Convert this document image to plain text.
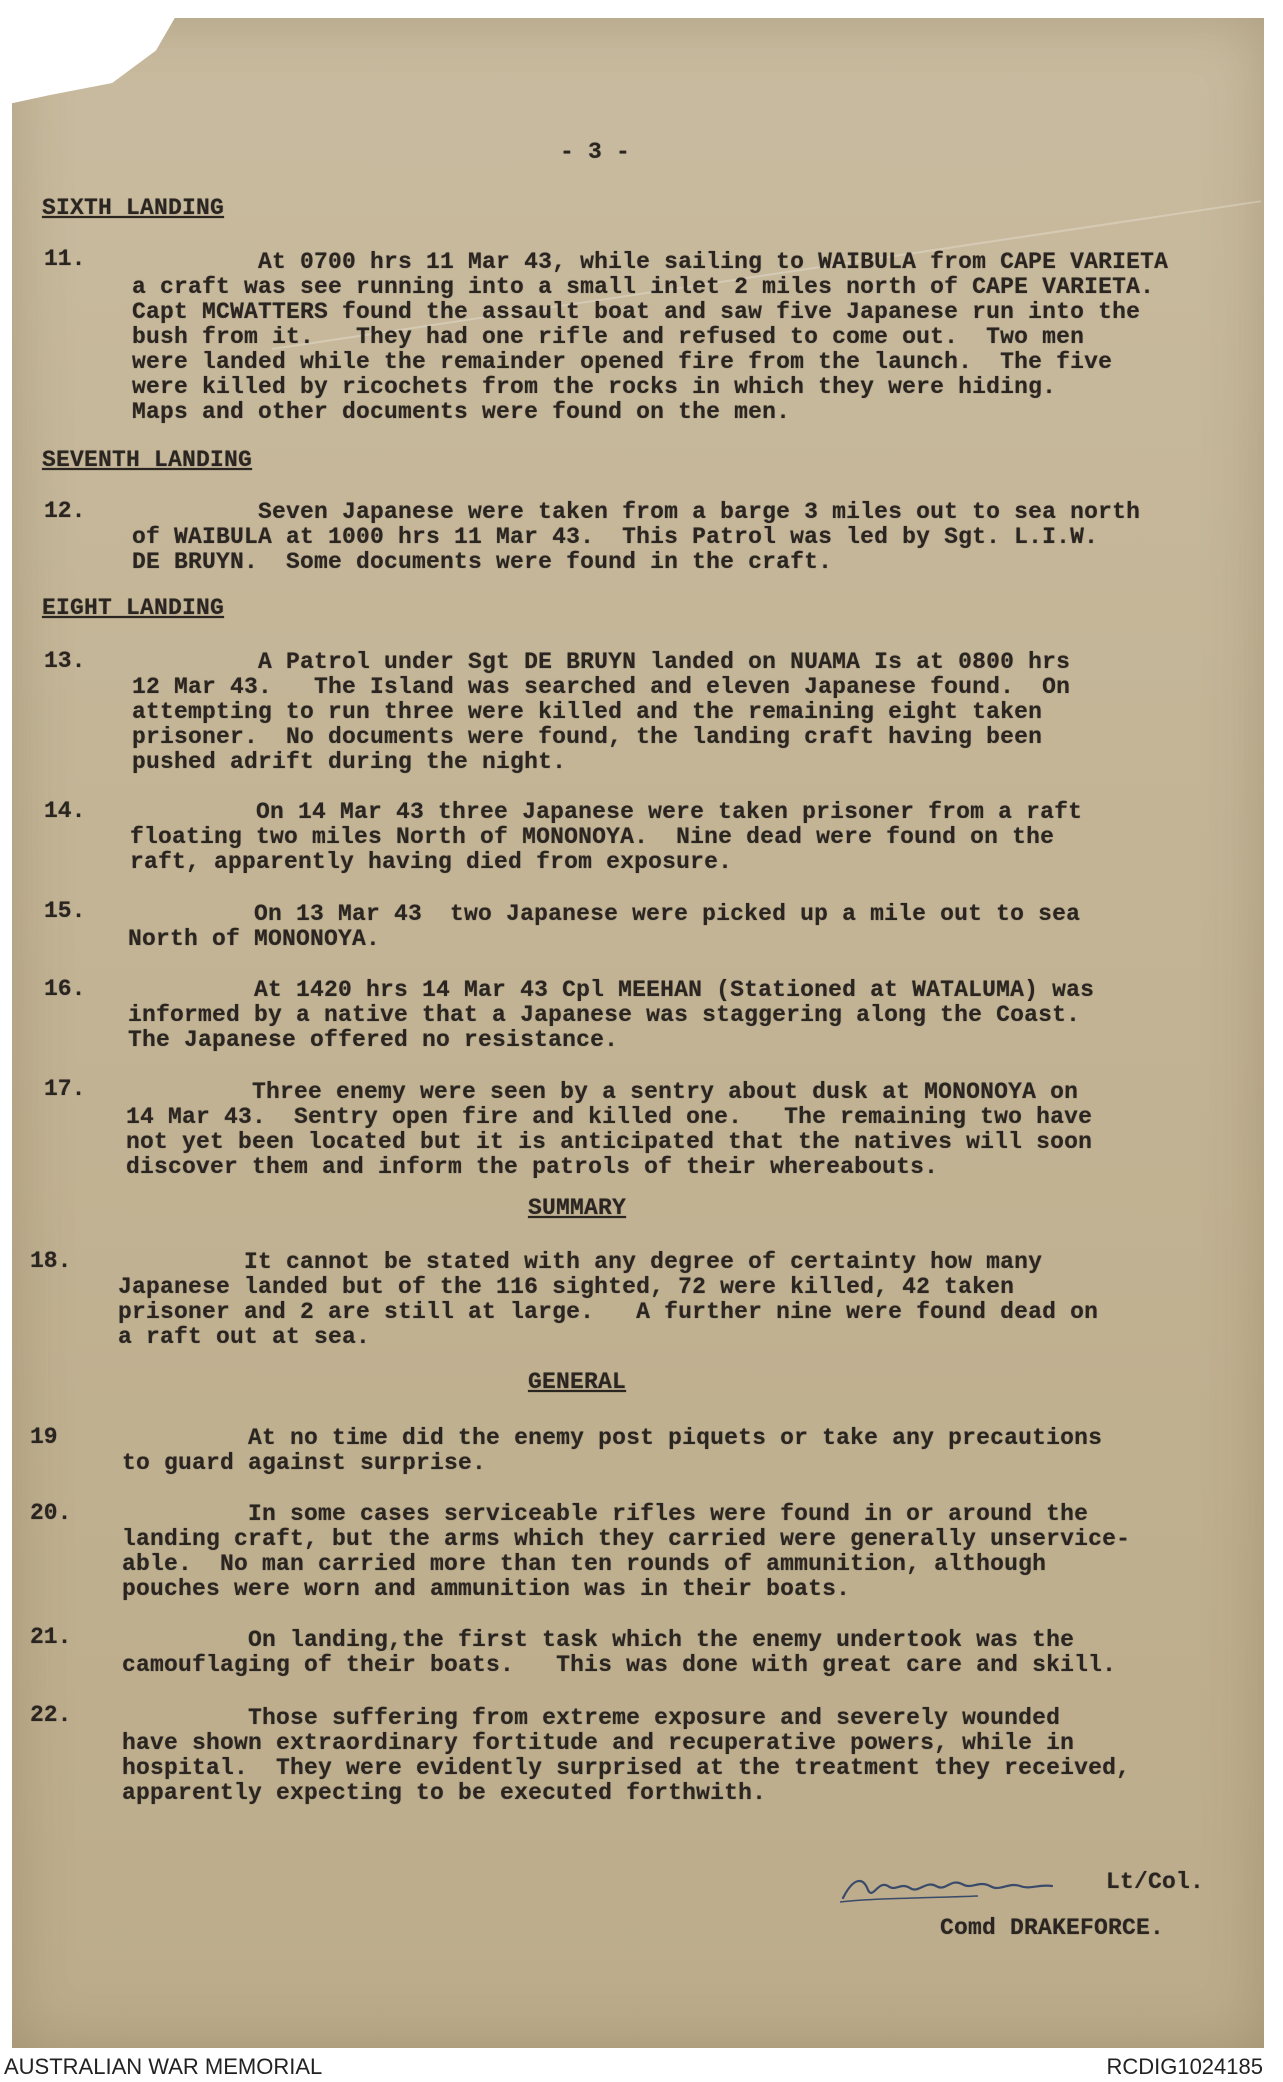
- 3 -
SIXTH LANDING
11.	At 0700 hrs 11 Mar 43, while sailing to WAIBULA from CAPE VARIETA
a craft was see running into a small inlet 2 miles north of CAPE VARIETA.
Capt MCWATTERS found the assault boat and saw five Japanese run into the
bush from it.   They had one rifle and refused to come out.  Two men
were landed while the remainder opened fire from the launch.  The five
were killed by ricochets from the rocks in which they were hiding.
Maps and other documents were found on the men.
SEVENTH LANDING
12.	Seven Japanese were taken from a barge 3 miles out to sea north
of WAIBULA at 1000 hrs 11 Mar 43.  This Patrol was led by Sgt. L.I.W.
DE BRUYN.  Some documents were found in the craft.
EIGHT LANDING
13.	A Patrol under Sgt DE BRUYN landed on NUAMA Is at 0800 hrs
12 Mar 43.   The Island was searched and eleven Japanese found.  On
attempting to run three were killed and the remaining eight taken
prisoner.  No documents were found, the landing craft having been
pushed adrift during the night.
14.	On 14 Mar 43 three Japanese were taken prisoner from a raft
floating two miles North of MONONOYA.  Nine dead were found on the
raft, apparently having died from exposure.
15.	On 13 Mar 43  two Japanese were picked up a mile out to sea
North of MONONOYA.
16.	At 1420 hrs 14 Mar 43 Cpl MEEHAN (Stationed at WATALUMA) was
informed by a native that a Japanese was staggering along the Coast.
The Japanese offered no resistance.
17.	Three enemy were seen by a sentry about dusk at MONONOYA on
14 Mar 43.  Sentry open fire and killed one.   The remaining two have
not yet been located but it is anticipated that the natives will soon
discover them and inform the patrols of their whereabouts.
SUMMARY
18.	It cannot be stated with any degree of certainty how many
Japanese landed but of the 116 sighted, 72 were killed, 42 taken
prisoner and 2 are still at large.   A further nine were found dead on
a raft out at sea.
GENERAL
19	At no time did the enemy post piquets or take any precautions
to guard against surprise.
20.	In some cases serviceable rifles were found in or around the
landing craft, but the arms which they carried were generally unservice-
able.  No man carried more than ten rounds of ammunition, although
pouches were worn and ammunition was in their boats.
21.	On landing,the first task which the enemy undertook was the
camouflaging of their boats.   This was done with great care and skill.
22.	Those suffering from extreme exposure and severely wounded
have shown extraordinary fortitude and recuperative powers, while in
hospital.  They were evidently surprised at the treatment they received,
apparently expecting to be executed forthwith.
Lt/Col.
Comd DRAKEFORCE.
AUSTRALIAN WAR MEMORIAL	RCDIG1024185
